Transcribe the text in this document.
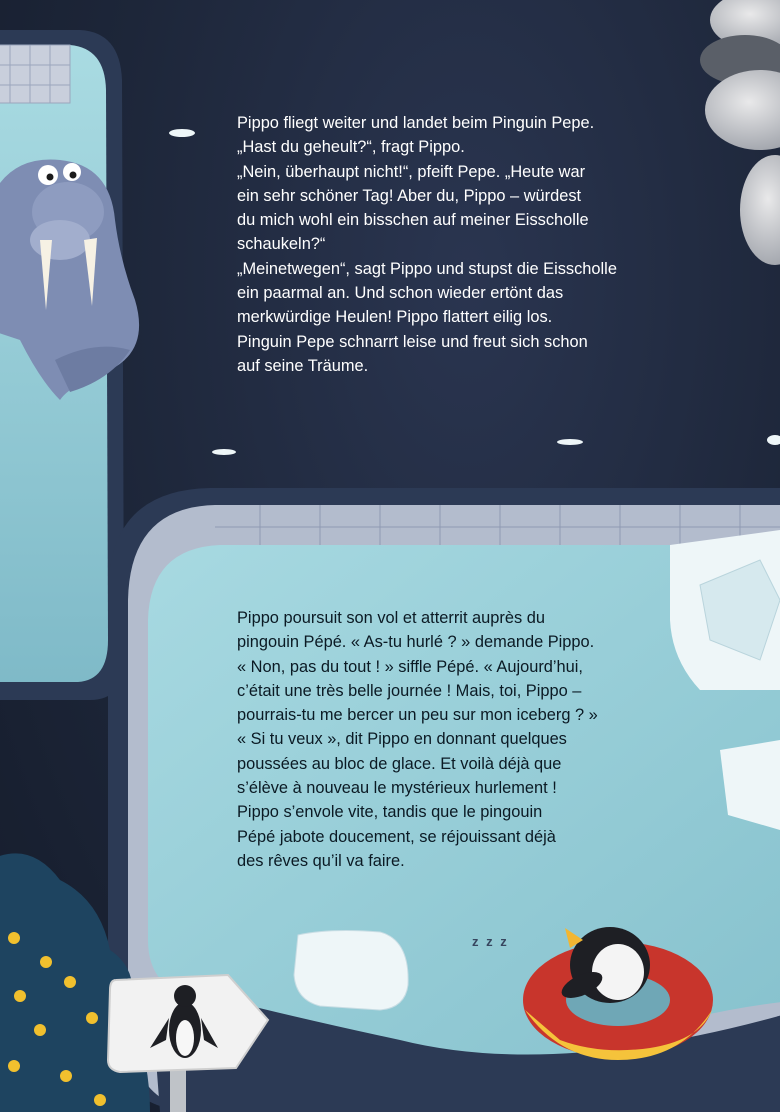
z z z

Pippo fliegt weiter und landet beim Pinguin Pepe.

„Hast du geheult?“, fragt Pippo.

„Nein, überhaupt nicht!“, pfeift Pepe. „Heute war

ein sehr schöner Tag! Aber du, Pippo – würdest

du mich wohl ein bisschen auf meiner Eisscholle

schaukeln?“

„Meinetwegen“, sagt Pippo und stupst die Eisscholle

ein paarmal an. Und schon wieder ertönt das

merkwürdige Heulen! Pippo flattert eilig los.

Pinguin Pepe schnarrt leise und freut sich schon

auf seine Träume.

Pippo poursuit son vol et atterrit auprès du

pingouin Pépé. « As-tu hurlé ? » demande Pippo.

« Non, pas du tout ! » siffle Pépé. « Aujourd’hui,

c’était une très belle journée ! Mais, toi, Pippo –

pourrais-tu me bercer un peu sur mon iceberg ? »

« Si tu veux », dit Pippo en donnant quelques

poussées au bloc de glace. Et voilà déjà que

s’élève à nouveau le mystérieux hurlement !

Pippo s’envole vite, tandis que le pingouin

Pépé jabote doucement, se réjouissant déjà

des rêves qu’il va faire.
